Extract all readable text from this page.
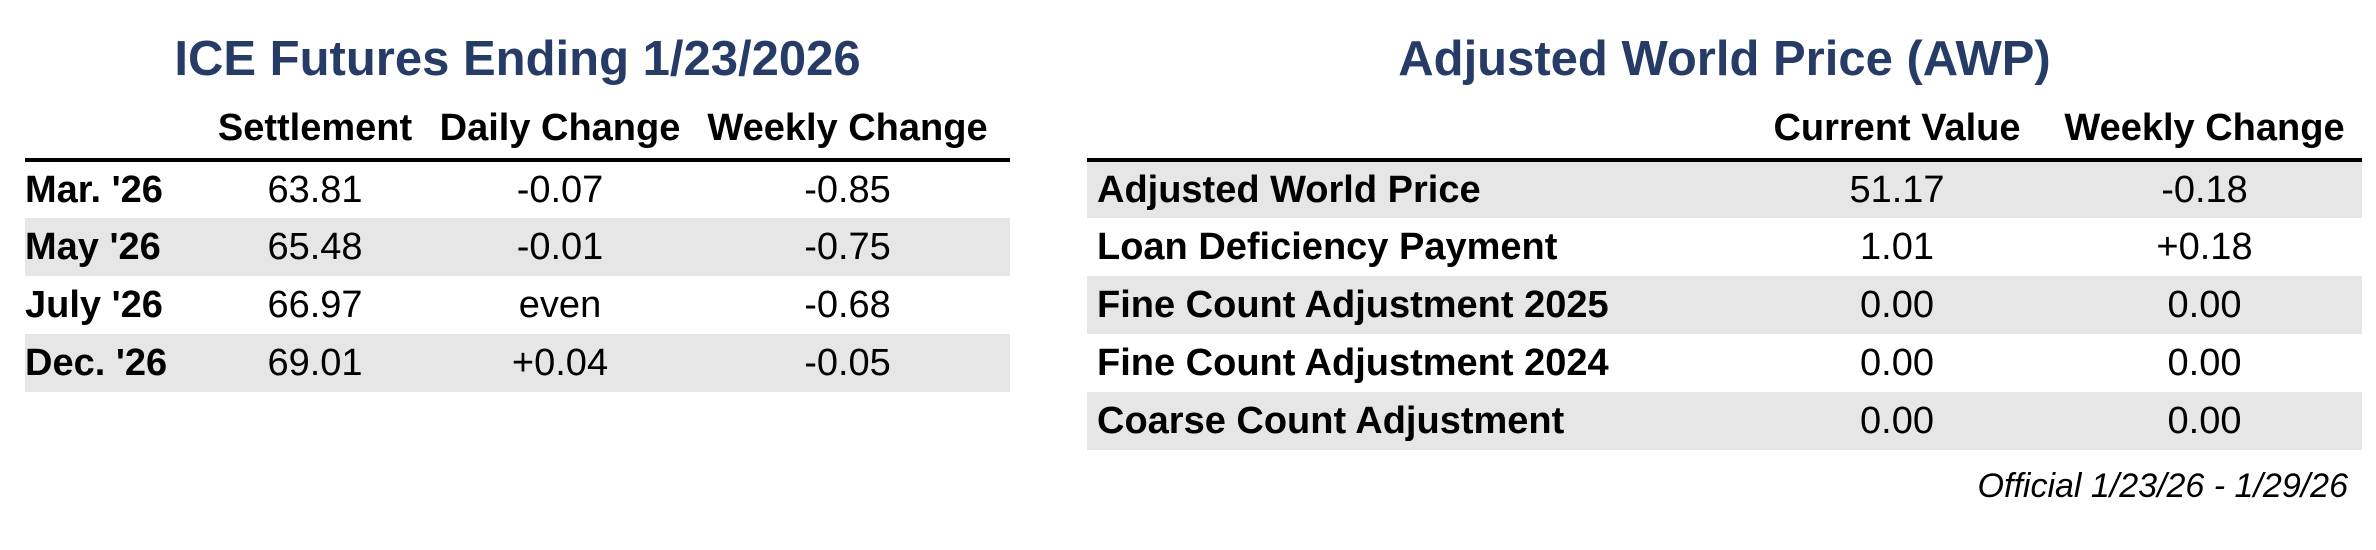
ICE Futures Ending 1/23/2026
	Settlement	Daily Change	Weekly Change
Mar. '26	63.81	-0.07	-0.85
May '26	65.48	-0.01	-0.75
July '26	66.97	even	-0.68
Dec. '26	69.01	+0.04	-0.05
Adjusted World Price (AWP)
	Current Value	Weekly Change
Adjusted World Price	51.17	-0.18
Loan Deficiency Payment	1.01	+0.18
Fine Count Adjustment 2025	0.00	0.00
Fine Count Adjustment 2024	0.00	0.00
Coarse Count Adjustment	0.00	0.00
Official 1/23/26 - 1/29/26
